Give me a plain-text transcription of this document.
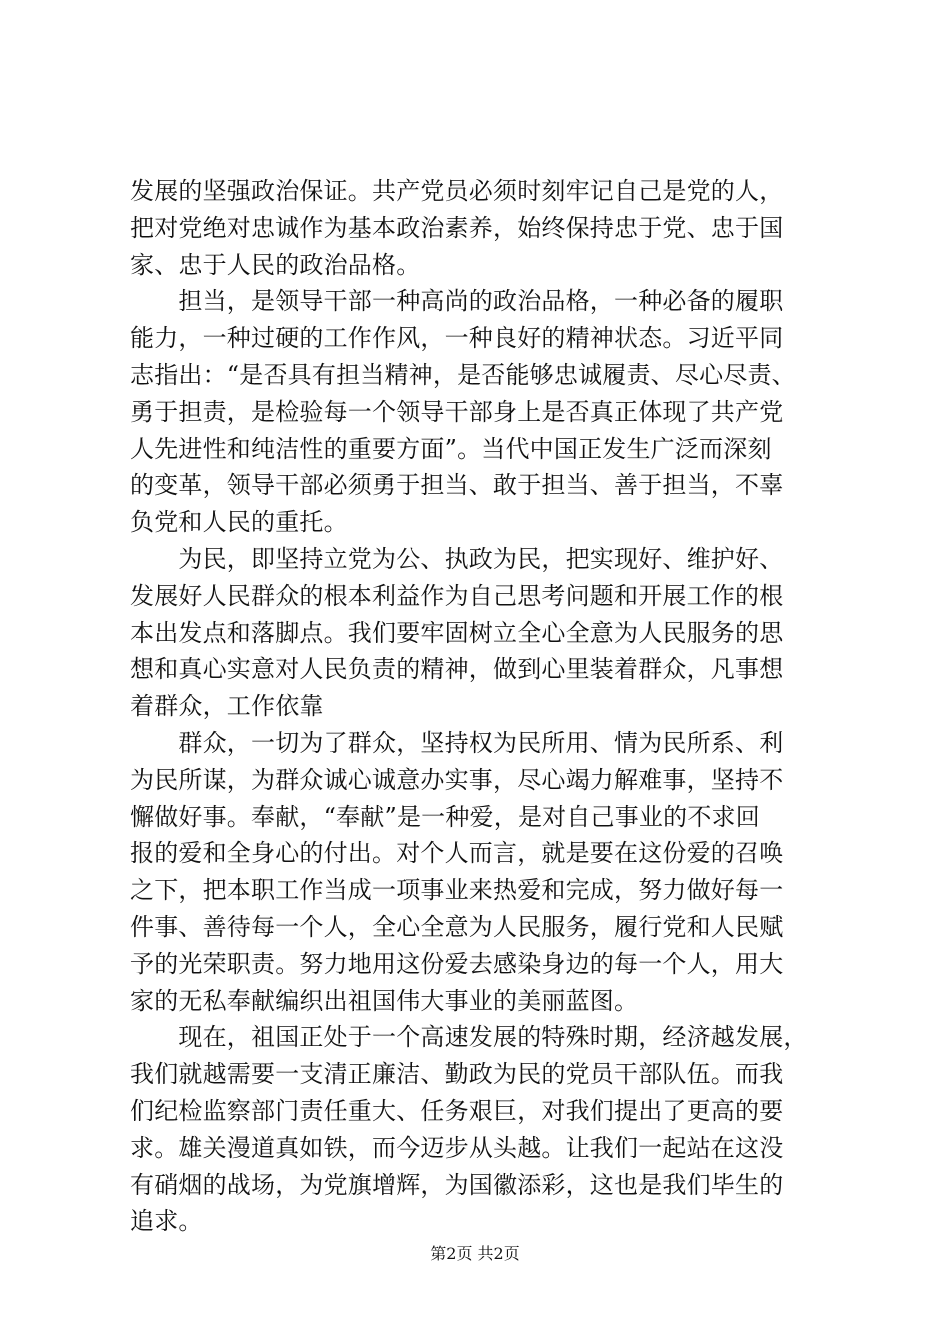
发展的坚强政治保证。共产党员必须时刻牢记自己是党的人，
把对党绝对忠诚作为基本政治素养，始终保持忠于党、忠于国
家、忠于人民的政治品格。
　　担当，是领导干部一种高尚的政治品格，一种必备的履职
能力，一种过硬的工作作风，一种良好的精神状态。习近平同
志指出：“是否具有担当精神，是否能够忠诚履责、尽心尽责、
勇于担责，是检验每一个领导干部身上是否真正体现了共产党
人先进性和纯洁性的重要方面”。当代中国正发生广泛而深刻
的变革，领导干部必须勇于担当、敢于担当、善于担当，不辜
负党和人民的重托。
　　为民，即坚持立党为公、执政为民，把实现好、维护好、
发展好人民群众的根本利益作为自己思考问题和开展工作的根
本出发点和落脚点。我们要牢固树立全心全意为人民服务的思
想和真心实意对人民负责的精神，做到心里装着群众，凡事想
着群众，工作依靠
　　群众，一切为了群众，坚持权为民所用、情为民所系、利
为民所谋，为群众诚心诚意办实事，尽心竭力解难事，坚持不
懈做好事。奉献，“奉献”是一种爱，是对自己事业的不求回
报的爱和全身心的付出。对个人而言，就是要在这份爱的召唤
之下，把本职工作当成一项事业来热爱和完成，努力做好每一
件事、善待每一个人，全心全意为人民服务，履行党和人民赋
予的光荣职责。努力地用这份爱去感染身边的每一个人，用大
家的无私奉献编织出祖国伟大事业的美丽蓝图。
　　现在，祖国正处于一个高速发展的特殊时期，经济越发展，
我们就越需要一支清正廉洁、勤政为民的党员干部队伍。而我
们纪检监察部门责任重大、任务艰巨，对我们提出了更高的要
求。雄关漫道真如铁，而今迈步从头越。让我们一起站在这没
有硝烟的战场，为党旗增辉，为国徽添彩，这也是我们毕生的
追求。
第2页 共2页
